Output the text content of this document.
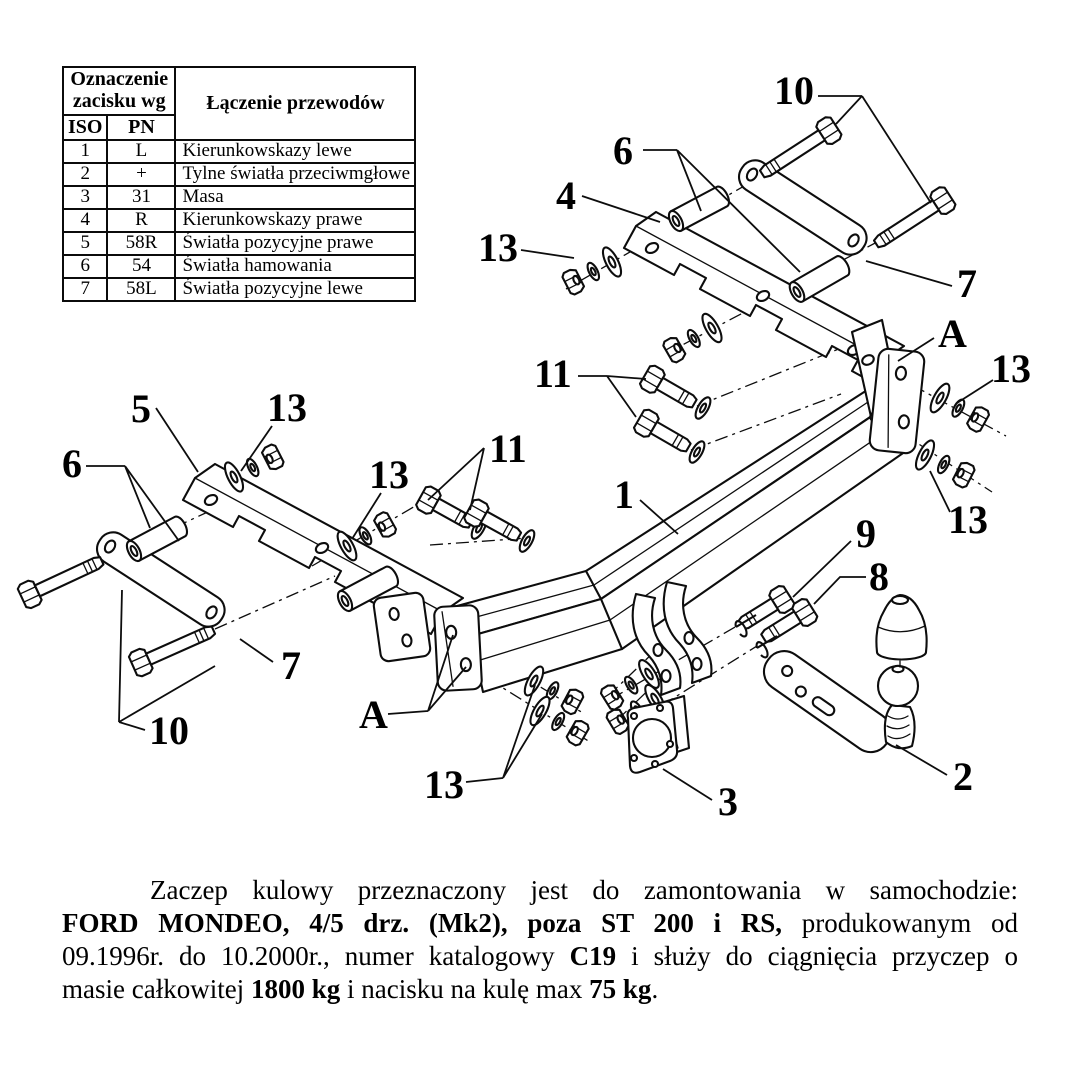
10
6
4
13
7
A
13
11
5	13
13
11
6
1
9 13
8
7
A
10
13	3
2
Oznaczenie zacisku wg		Łączenie przewodów
ISO	PN	
1	L	Kierunkowskazy lewe
2	+	Tylne światła przeciwmgłowe
3	31	Masa
4	R	Kierunkowskazy prawe
5	58R	Światła pozycyjne prawe
6	54	Światła hamowania
7	58L	Światła pozycyjne lewe
Zaczep kulowy przeznaczony jest do zamontowania w samochodzie:
FORD MONDEO, 4/5 drz. (Mk2), poza ST 200 i RS, produkowanym od
09.1996r. do 10.2000r., numer katalogowy C19 i służy do ciągnięcia przyczep o
masie całkowitej 1800 kg i nacisku na kulę max 75 kg.
